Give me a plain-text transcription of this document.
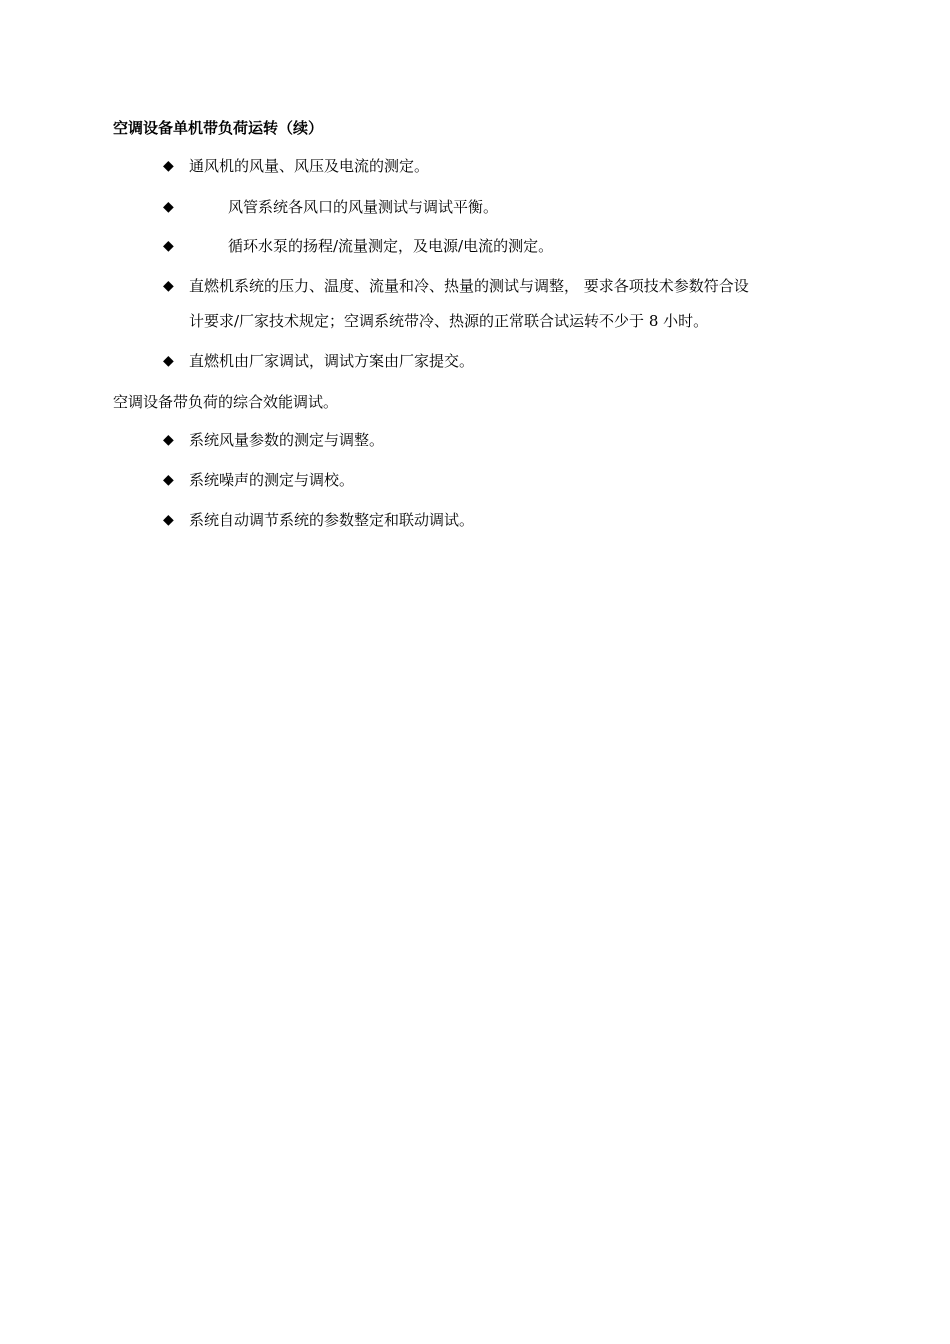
空调设备单机带负荷运转（续）
◆ 通风机的风量、风压及电流的测定。
◆	风管系统各风口的风量测试与调试平衡。
◆	循环水泵的扬程/流量测定，及电源/电流的测定。
◆ 直燃机系统的压力、温度、流量和冷、热量的测试与调整， 要求各项技术参数符合设
计要求/厂家技术规定；空调系统带冷、热源的正常联合试运转不少于 8 小时。
◆ 直燃机由厂家调试，调试方案由厂家提交。
空调设备带负荷的综合效能调试。
◆ 系统风量参数的测定与调整。
◆ 系统噪声的测定与调校。
◆ 系统自动调节系统的参数整定和联动调试。
